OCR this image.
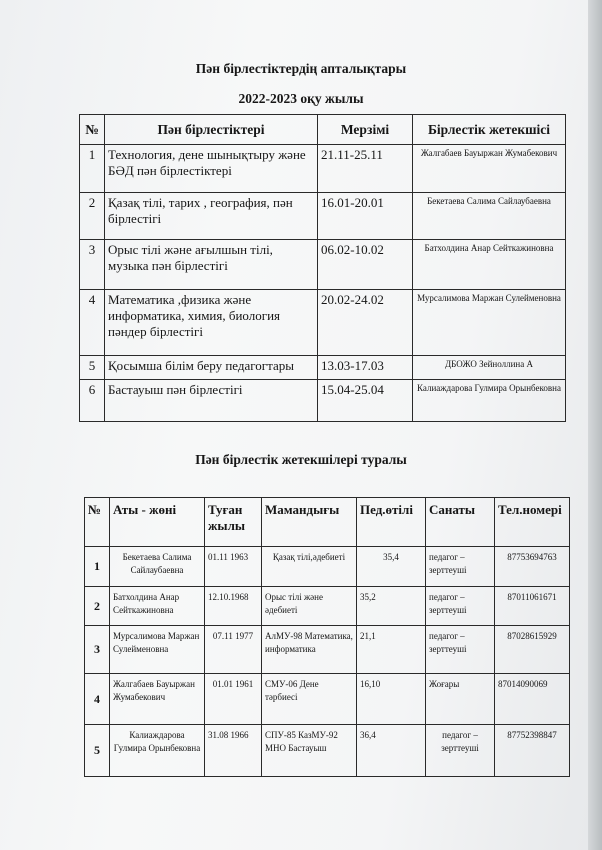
Пән бірлестіктердің апталықтары
2022-2023 оқу жылы
№	Пән бірлестіктері	Мерзімі	Бірлестік жетекшісі
1	Технология, дене шынықтыру және БӘД пән бірлестіктері	21.11-25.11	Жалгабаев Бауыржан Жумабекович
2	Қазақ тілі, тарих , география, пән бірлестігі	16.01-20.01	Бекетаева Салима Сайлаубаевна
3	Орыс тілі және ағылшын тілі, музыка пән бірлестігі	06.02-10.02	Батхолдина Анар Сейткажиновна
4	Математика ,физика және информатика, химия, биология пәндер бірлестігі	20.02-24.02	Мурсалимова Маржан Сулейменовна
5	Қосымша білім беру педагогтары	13.03-17.03	ДБОЖО Зейноллина А
6	Бастауыш пән бірлестігі	15.04-25.04	Калиаждарова Гулмира Орынбековна
Пән бірлестік жетекшілері туралы
№	Аты - жөні	Туған жылы	Мамандығы	Пед.өтілі	Санаты	Тел.номері
1	Бекетаева Салима Сайлаубаевна	01.11 1963	Қазақ тілі,әдебиеті	35,4	педагог – зерттеуші	87753694763
2	Батхолдина Анар Сейткажиновна	12.10.1968	Орыс тілі және әдебиеті	35,2	педагог – зерттеуші	87011061671
3	Мурсалимова Маржан Сулейменовна	07.11 1977	АлМУ-98 Математика, информатика	21,1	педагог – зерттеуші	87028615929
4	Жалгабаев Бауыржан Жумабекович	01.01 1961	СМУ-06 Дене тәрбиесі	16,10	Жоғары	87014090069
5	Калиаждарова Гулмира Орынбековна	31.08 1966	СПУ-85 КазМУ-92 МНО Бастауыш	36,4	педагог – зерттеуші	87752398847
